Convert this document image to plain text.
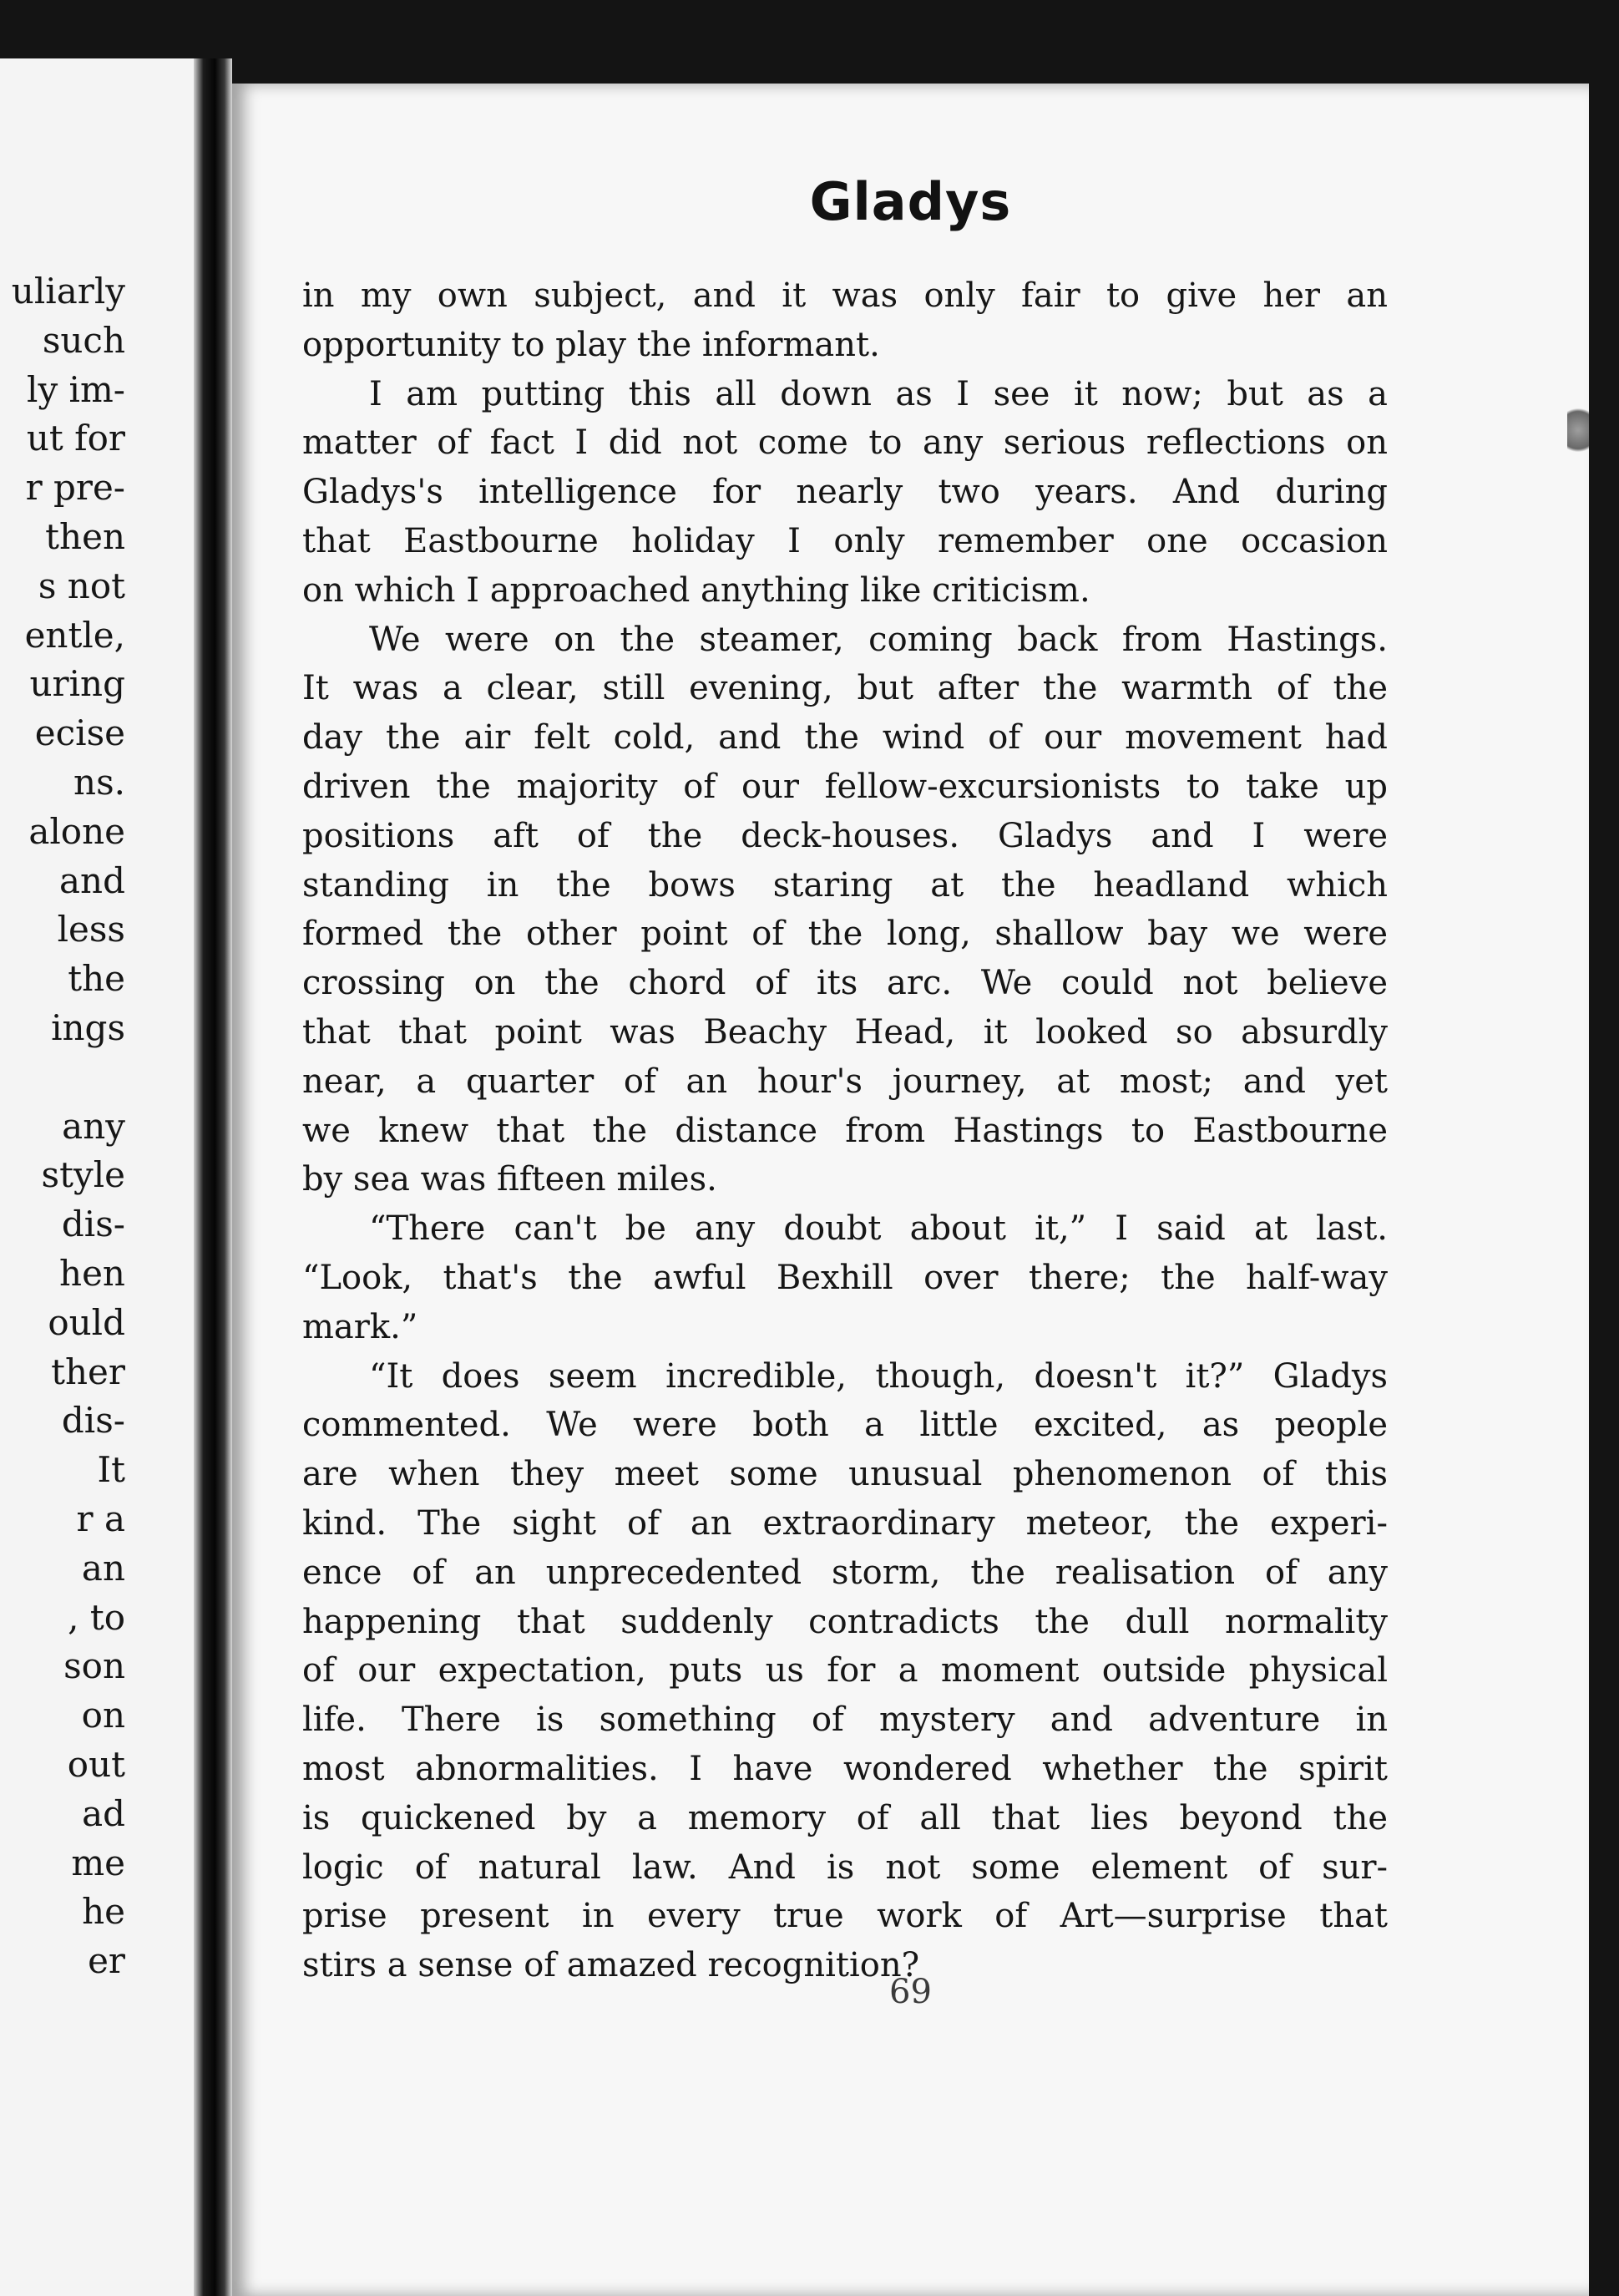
uliarly
such
ly im-
ut for
r pre-
then
s not
entle,
uring
ecise
ns.
alone
and
less
the
ings
any
style
dis-
hen
ould
ther
dis-
It
r a
an
, to
son
on
out
ad
me
he
er
Gladys
in my own subject, and it was only fair to give her an
opportunity to play the informant.
I am putting this all down as I see it now; but as a
matter of fact I did not come to any serious reflections on
Gladys's intelligence for nearly two years. And during
that Eastbourne holiday I only remember one occasion
on which I approached anything like criticism.
We were on the steamer, coming back from Hastings.
It was a clear, still evening, but after the warmth of the
day the air felt cold, and the wind of our movement had
driven the majority of our fellow-excursionists to take up
positions aft of the deck-houses. Gladys and I were
standing in the bows staring at the headland which
formed the other point of the long, shallow bay we were
crossing on the chord of its arc. We could not believe
that that point was Beachy Head, it looked so absurdly
near, a quarter of an hour's journey, at most; and yet
we knew that the distance from Hastings to Eastbourne
by sea was fifteen miles.
“There can't be any doubt about it,” I said at last.
“Look, that's the awful Bexhill over there; the half-way
mark.”
“It does seem incredible, though, doesn't it?” Gladys
commented. We were both a little excited, as people
are when they meet some unusual phenomenon of this
kind. The sight of an extraordinary meteor, the experi-
ence of an unprecedented storm, the realisation of any
happening that suddenly contradicts the dull normality
of our expectation, puts us for a moment outside physical
life. There is something of mystery and adventure in
most abnormalities. I have wondered whether the spirit
is quickened by a memory of all that lies beyond the
logic of natural law. And is not some element of sur-
prise present in every true work of Art—surprise that
stirs a sense of amazed recognition?
69
